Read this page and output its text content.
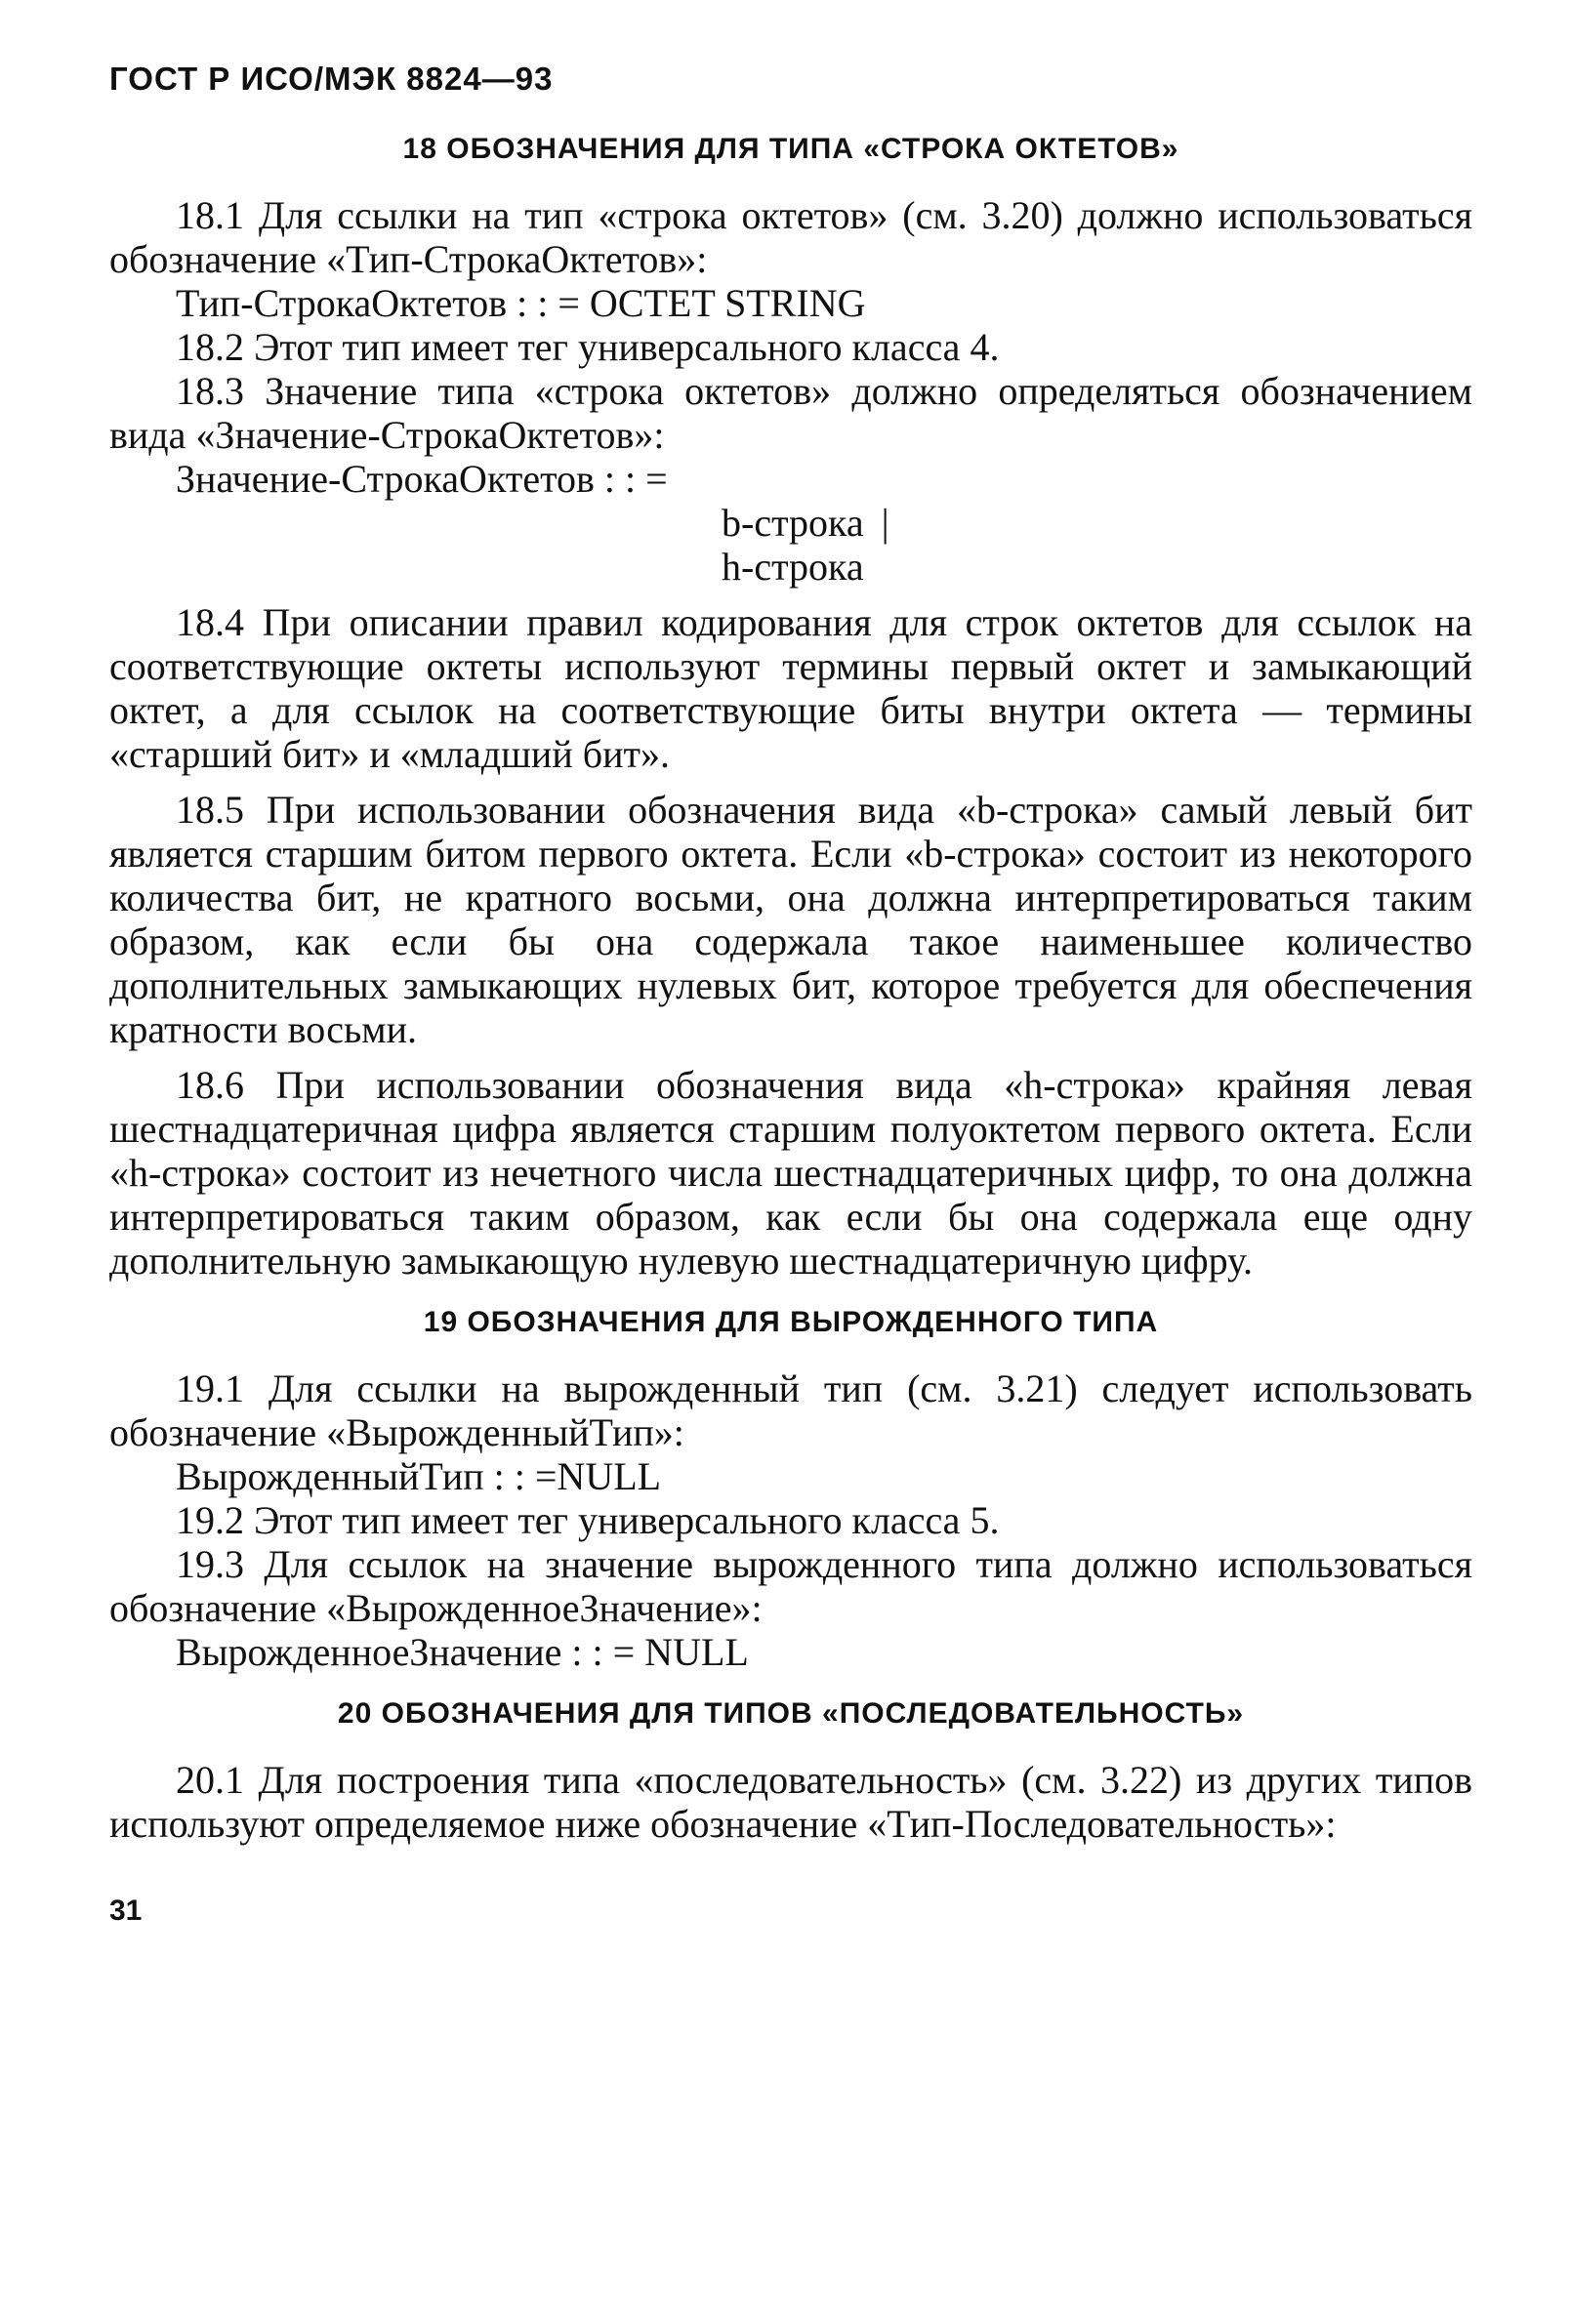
ГОСТ Р ИСО/МЭК 8824—93
18 ОБОЗНАЧЕНИЯ ДЛЯ ТИПА «СТРОКА ОКТЕТОВ»

18.1 Для ссылки на тип «строка октетов» (см. 3.20) должно использоваться обозначение «Тип-СтрокаОктетов»:

Тип-СтрокаОктетов : : = OCTET STRING

18.2 Этот тип имеет тег универсального класса 4.

18.3 Значение типа «строка октетов» должно определяться обозначением вида «Значение-СтрокаОктетов»:

Значение-СтрокаОктетов : : =
b-строка |
h-строка

18.4 При описании правил кодирования для строк октетов для ссылок на соответствующие октеты используют термины первый октет и замыкающий октет, а для ссылок на соответствующие биты внутри октета — термины «старший бит» и «младший бит».

18.5 При использовании обозначения вида «b-строка» самый левый бит является старшим битом первого октета. Если «b-строка» состоит из некоторого количества бит, не кратного восьми, она должна интерпретироваться таким образом, как если бы она содержала такое наименьшее количество дополнительных замыкающих нулевых бит, которое требуется для обеспечения кратности восьми.

18.6 При использовании обозначения вида «h-строка» крайняя левая шестнадцатеричная цифра является старшим полуоктетом первого октета. Если «h-строка» состоит из нечетного числа шестнадцатеричных цифр, то она должна интерпретироваться таким образом, как если бы она содержала еще одну дополнительную замыкающую нулевую шестнадцатеричную цифру.

19 ОБОЗНАЧЕНИЯ ДЛЯ ВЫРОЖДЕННОГО ТИПА

19.1 Для ссылки на вырожденный тип (см. 3.21) следует использовать обозначение «ВырожденныйТип»:

ВырожденныйТип : : =NULL

19.2 Этот тип имеет тег универсального класса 5.

19.3 Для ссылок на значение вырожденного типа должно использоваться обозначение «ВырожденноеЗначение»:

ВырожденноеЗначение : : = NULL
20 ОБОЗНАЧЕНИЯ ДЛЯ ТИПОВ «ПОСЛЕДОВАТЕЛЬНОСТЬ»

20.1 Для построения типа «последовательность» (см. 3.22) из других типов используют определяемое ниже обозначение «Тип-Последовательность»:

31
